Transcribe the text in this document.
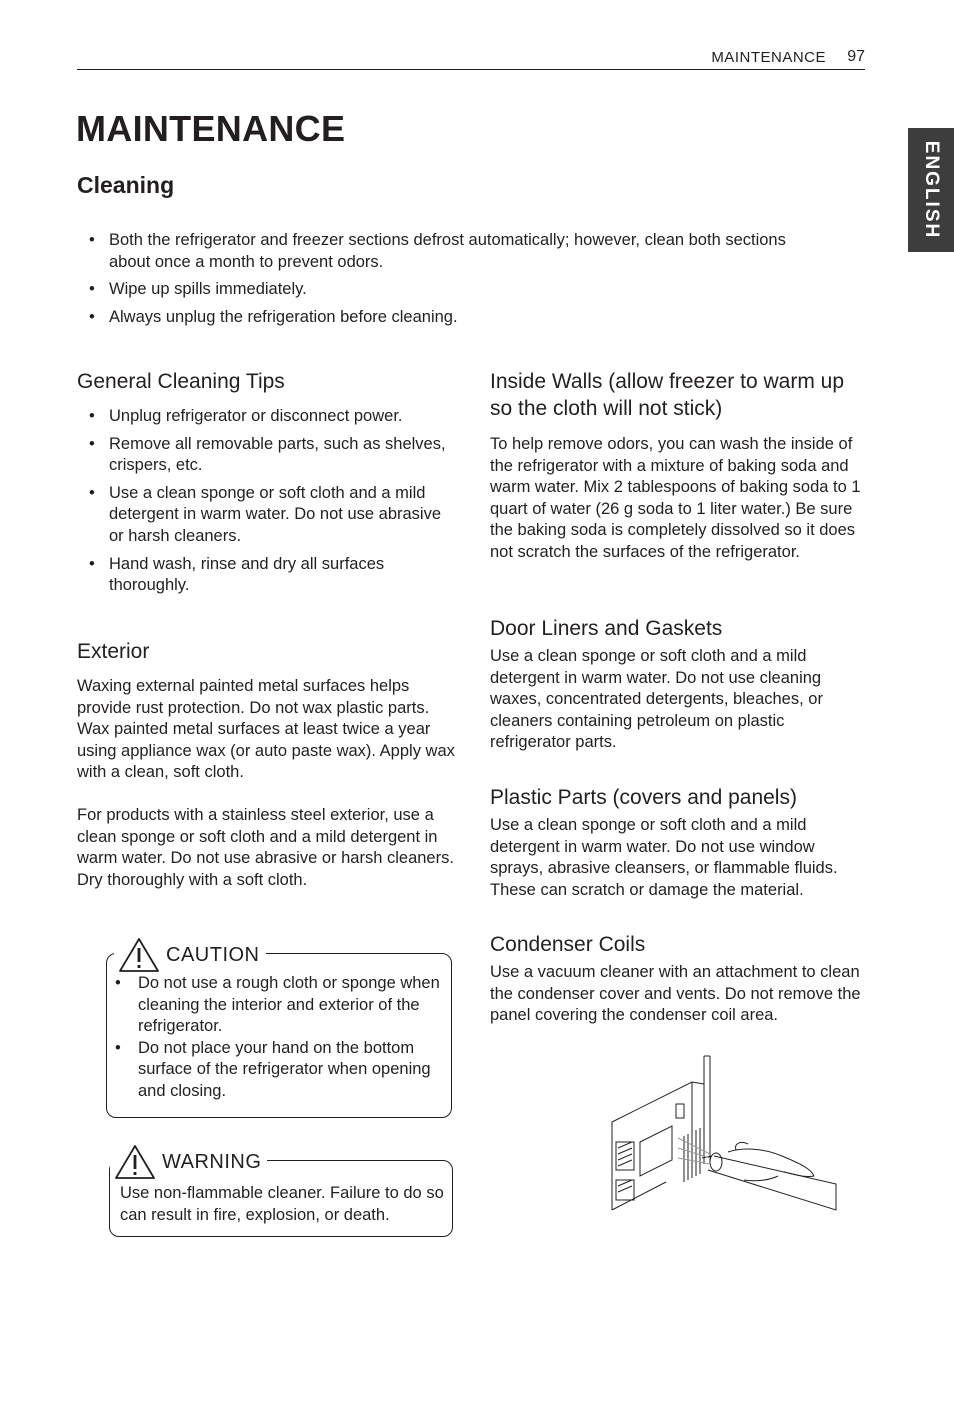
MAINTENANCE 97
ENGLISH
MAINTENANCE
Cleaning
• Both the refrigerator and freezer sections defrost automatically; however, clean both sections about once a month to prevent odors.
• Wipe up spills immediately.
• Always unplug the refrigeration before cleaning.
General Cleaning Tips
• Unplug refrigerator or disconnect power.
• Remove all removable parts, such as shelves, crispers, etc.
• Use a clean sponge or soft cloth and a mild detergent in warm water. Do not use abrasive or harsh cleaners.
• Hand wash, rinse and dry all surfaces thoroughly.
Exterior

Waxing external painted metal surfaces helps provide rust protection. Do not wax plastic parts. Wax painted metal surfaces at least twice a year using appliance wax (or auto paste wax). Apply wax with a clean, soft cloth.

For products with a stainless steel exterior, use a clean sponge or soft cloth and a mild detergent in warm water. Do not use abrasive or harsh cleaners. Dry thoroughly with a soft cloth.

• Do not use a rough cloth or sponge when cleaning the interior and exterior of the refrigerator.
• Do not place your hand on the bottom surface of the refrigerator when opening and closing.
CAUTION

Use non-flammable cleaner. Failure to do so can result in fire, explosion, or death.

WARNING
Inside Walls (allow freezer to warm up so the cloth will not stick)

To help remove odors, you can wash the inside of the refrigerator with a mixture of baking soda and warm water. Mix 2 tablespoons of baking soda to 1 quart of water (26 g soda to 1 liter water.) Be sure the baking soda is completely dissolved so it does not scratch the surfaces of the refrigerator.

Door Liners and Gaskets

Use a clean sponge or soft cloth and a mild detergent in warm water. Do not use cleaning waxes, concentrated detergents, bleaches, or cleaners containing petroleum on plastic refrigerator parts.

Plastic Parts (covers and panels)

Use a clean sponge or soft cloth and a mild detergent in warm water. Do not use window sprays, abrasive cleansers, or flammable fluids. These can scratch or damage the material.

Condenser Coils

Use a vacuum cleaner with an attachment to clean the condenser cover and vents. Do not remove the panel covering the condenser coil area.
